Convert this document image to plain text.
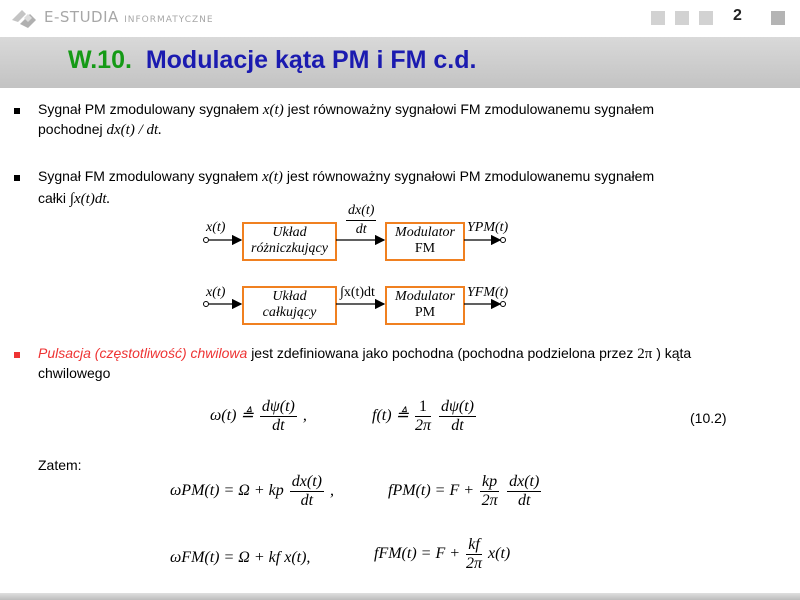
E-STUDIA INFORMATYCZNE	2
W.10. Modulacje kąta PM i FM c.d.
Sygnał PM zmodulowany sygnałem x(t) jest równoważny sygnałowi FM zmodulowanemu sygnałem
pochodnej dx(t) / dt.
Sygnał FM zmodulowany sygnałem x(t) jest równoważny sygnałowi PM zmodulowanemu sygnałem
całki ∫x(t)dt.
x(t)	Układ
różniczkujący
$\frac{dx(t)}{dt}$	Modulator
FM
YPM(t)
x(t)	Układ
całkujący
∫x(t)dt	Modulator
PM
YFM(t)
Pulsacja (częstotliwość) chwilowa jest zdefiniowana jako pochodna (pochodna podzielona przez 2π ) kąta
chwilowego
ω(t) ≜ $\frac{d\psi(t)}{dt}$ ,	f(t) ≜ $\frac{1}{2\pi}$
$\frac{d\psi(t)}{dt}$	(10.2)
Zatem:
ωPM(t) = Ω + kp $\frac{dx(t)}{dt}$ ,	$fPM(t) = F + \frac{kp}{2\pi}$
$\frac{dx(t)}{dt}$
ωFM(t) = Ω + kf x(t),	$fFM(t) = F + \frac{kf}{2\pi} x(t)$
